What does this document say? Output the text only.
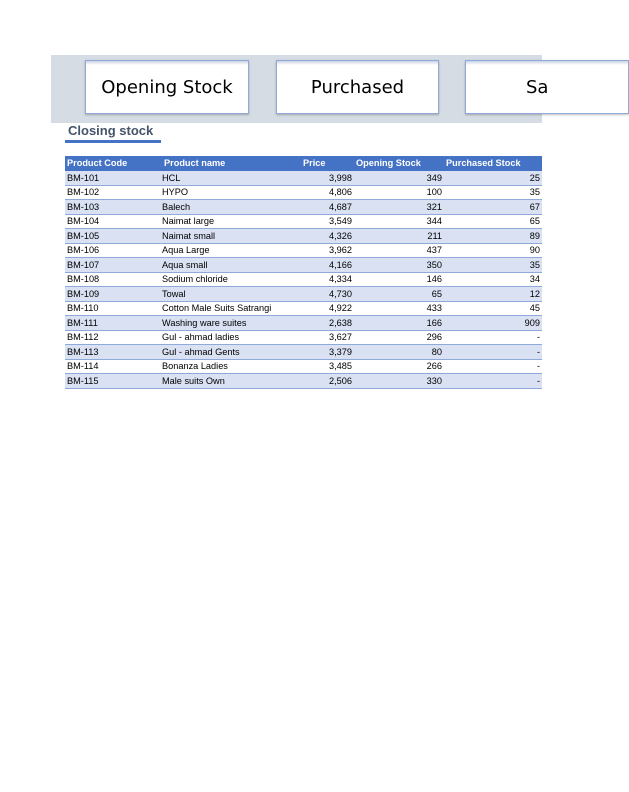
Opening Stock	Purchased	Sa
Closing stock
Product Code	Product name	Price	Opening Stock	Purchased Stock
BM-101	HCL	3,998	349	25
BM-102	HYPO	4,806	100	35
BM-103	Balech	4,687	321	67
BM-104	Naimat large	3,549	344	65
BM-105	Naimat small	4,326	211	89
BM-106	Aqua Large	3,962	437	90
BM-107	Aqua small	4,166	350	35
BM-108	Sodium chloride	4,334	146	34
BM-109	Towal	4,730	65	12
BM-110	Cotton Male Suits Satrangi	4,922	433	45
BM-111	Washing ware suites	2,638	166	909
BM-112	Gul - ahmad ladies	3,627	296	-
BM-113	Gul - ahmad Gents	3,379	80	-
BM-114	Bonanza Ladies	3,485	266	-
BM-115	Male suits Own	2,506	330	-
